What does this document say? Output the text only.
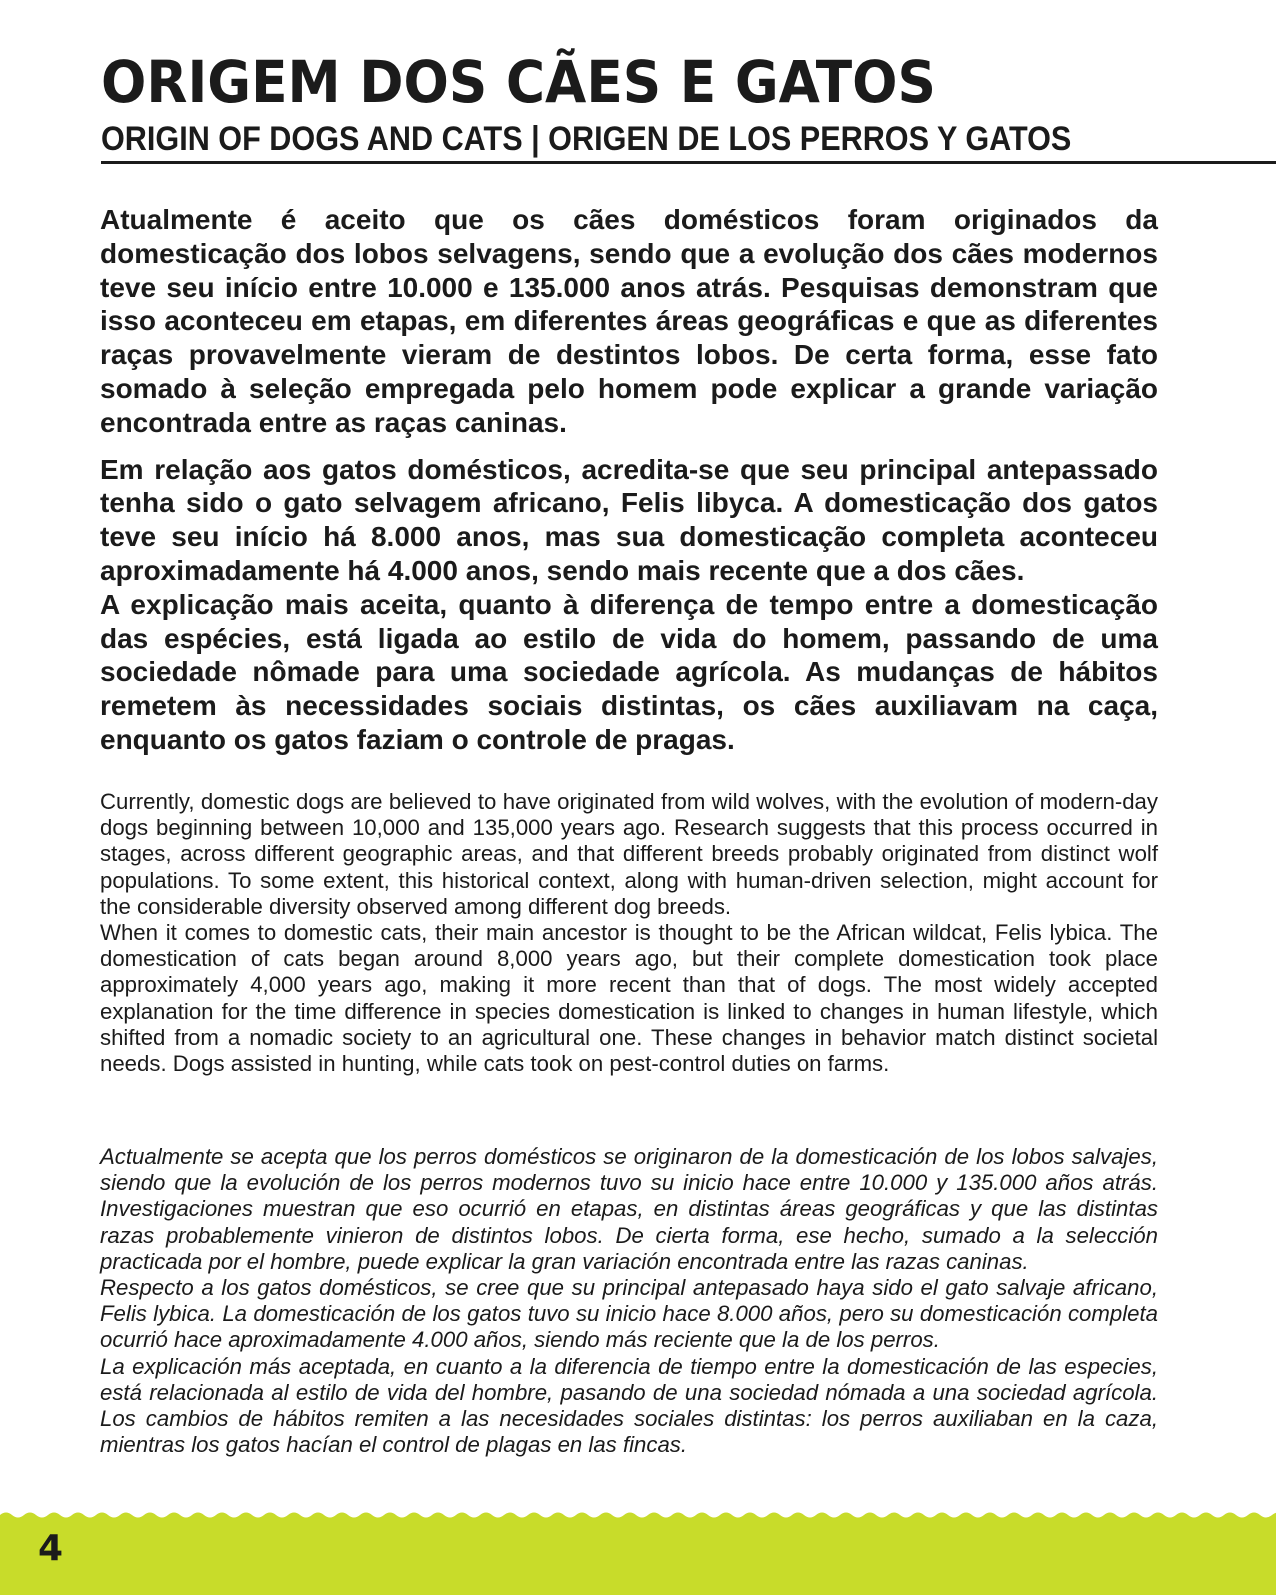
ORIGEM DOS CÃES E GATOS
ORIGIN OF DOGS AND CATS | ORIGEN DE LOS PERROS Y GATOS

Atualmente é aceito que os cães domésticos foram originados da domesticação dos lobos selvagens, sendo que a evolução dos cães modernos teve seu início entre 10.000 e 135.000 anos atrás. Pesquisas demonstram que isso aconteceu em etapas, em diferentes áreas geográficas e que as diferentes raças provavelmente vieram de destintos lobos. De certa forma, esse fato somado à seleção empregada pelo homem pode explicar a grande variação encontrada entre as raças caninas.

Em relação aos gatos domésticos, acredita-se que seu principal antepassado tenha sido o gato selvagem africano, Felis libyca. A domesticação dos gatos teve seu início há 8.000 anos, mas sua domesticação completa aconteceu aproximadamente há 4.000 anos, sendo mais recente que a dos cães.

A explicação mais aceita, quanto à diferença de tempo entre a domesticação das espécies, está ligada ao estilo de vida do homem, passando de uma sociedade nômade para uma sociedade agrícola. As mudanças de hábitos remetem às necessidades sociais distintas, os cães auxiliavam na caça, enquanto os gatos faziam o controle de pragas.

Currently, domestic dogs are believed to have originated from wild wolves, with the evolution of modern-day dogs beginning between 10,000 and 135,000 years ago. Research suggests that this process occurred in stages, across different geographic areas, and that different breeds probably originated from distinct wolf populations. To some extent, this historical context, along with human-driven selection, might account for the considerable diversity observed among different dog breeds.

When it comes to domestic cats, their main ancestor is thought to be the African wildcat, Felis lybica. The domestication of cats began around 8,000 years ago, but their complete domestication took place approximately 4,000 years ago, making it more recent than that of dogs. The most widely accepted explanation for the time difference in species domestication is linked to changes in human lifestyle, which shifted from a nomadic society to an agricultural one. These changes in behavior match distinct societal needs. Dogs assisted in hunting, while cats took on pest-control duties on farms.

Actualmente se acepta que los perros domésticos se originaron de la domesticación de los lobos salvajes, siendo que la evolución de los perros modernos tuvo su inicio hace entre 10.000 y 135.000 años atrás. Investigaciones muestran que eso ocurrió en etapas, en distintas áreas geográficas y que las distintas razas probablemente vinieron de distintos lobos. De cierta forma, ese hecho, sumado a la selección practicada por el hombre, puede explicar la gran variación encontrada entre las razas caninas.

Respecto a los gatos domésticos, se cree que su principal antepasado haya sido el gato salvaje africano, Felis lybica. La domesticación de los gatos tuvo su inicio hace 8.000 años, pero su domesticación completa ocurrió hace aproximadamente 4.000 años, siendo más reciente que la de los perros.

La explicación más aceptada, en cuanto a la diferencia de tiempo entre la domesticación de las especies, está relacionada al estilo de vida del hombre, pasando de una sociedad nómada a una sociedad agrícola. Los cambios de hábitos remiten a las necesidades sociales distintas: los perros auxiliaban en la caza, mientras los gatos hacían el control de plagas en las fincas.

4
